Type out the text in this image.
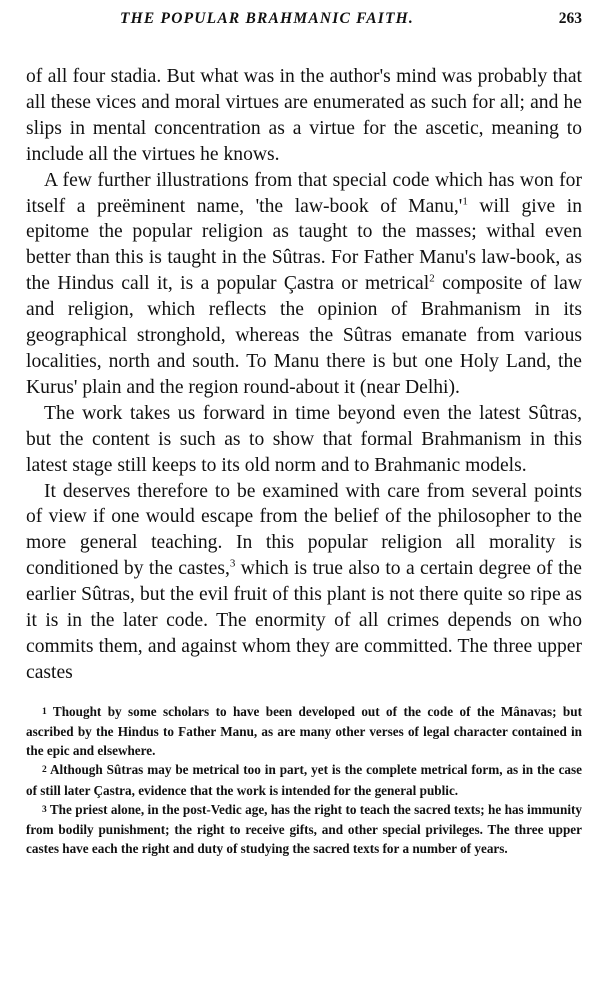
THE POPULAR BRAHMANIC FAITH.	263

of all four stadia. But what was in the author's mind was probably that all these vices and moral virtues are enumerated as such for all; and he slips in mental concentration as a virtue for the ascetic, meaning to include all the virtues he knows.

A few further illustrations from that special code which has won for itself a preëminent name, 'the law-book of $Manu,'^1$ will give in epitome the popular religion as taught to the masses; withal even better than this is taught in the Sûtras. For Father Manu's law-book, as the Hindus call it, is a popular Çastra or metrical$^2$ composite of law and religion, which reflects the opinion of Brahmanism in its geographical stronghold, whereas the Sûtras emanate from various localities, north and south. To Manu there is but one Holy Land, the Kurus' plain and the region round-about it (near Delhi).

The work takes us forward in time beyond even the latest Sûtras, but the content is such as to show that formal Brahmanism in this latest stage still keeps to its old norm and to Brahmanic models.

It deserves therefore to be examined with care from several points of view if one would escape from the belief of the philosopher to the more general teaching. In this popular religion all morality is conditioned by the castes,$^3$ which is true also to a certain degree of the earlier Sûtras, but the evil fruit of this plant is not there quite so ripe as it is in the later code. The enormity of all crimes depends on who commits them, and against whom they are committed. The three upper castes

1 Thought by some scholars to have been developed out of the code of the Mânavas; but ascribed by the Hindus to Father Manu, as are many other verses of legal character contained in the epic and elsewhere.

2 Although Sûtras may be metrical too in part, yet is the complete metrical form, as in the case of still later Çastra, evidence that the work is intended for the general public.

3 The priest alone, in the post-Vedic age, has the right to teach the sacred texts; he has immunity from bodily punishment; the right to receive gifts, and other special privileges. The three upper castes have each the right and duty of studying the sacred texts for a number of years.
